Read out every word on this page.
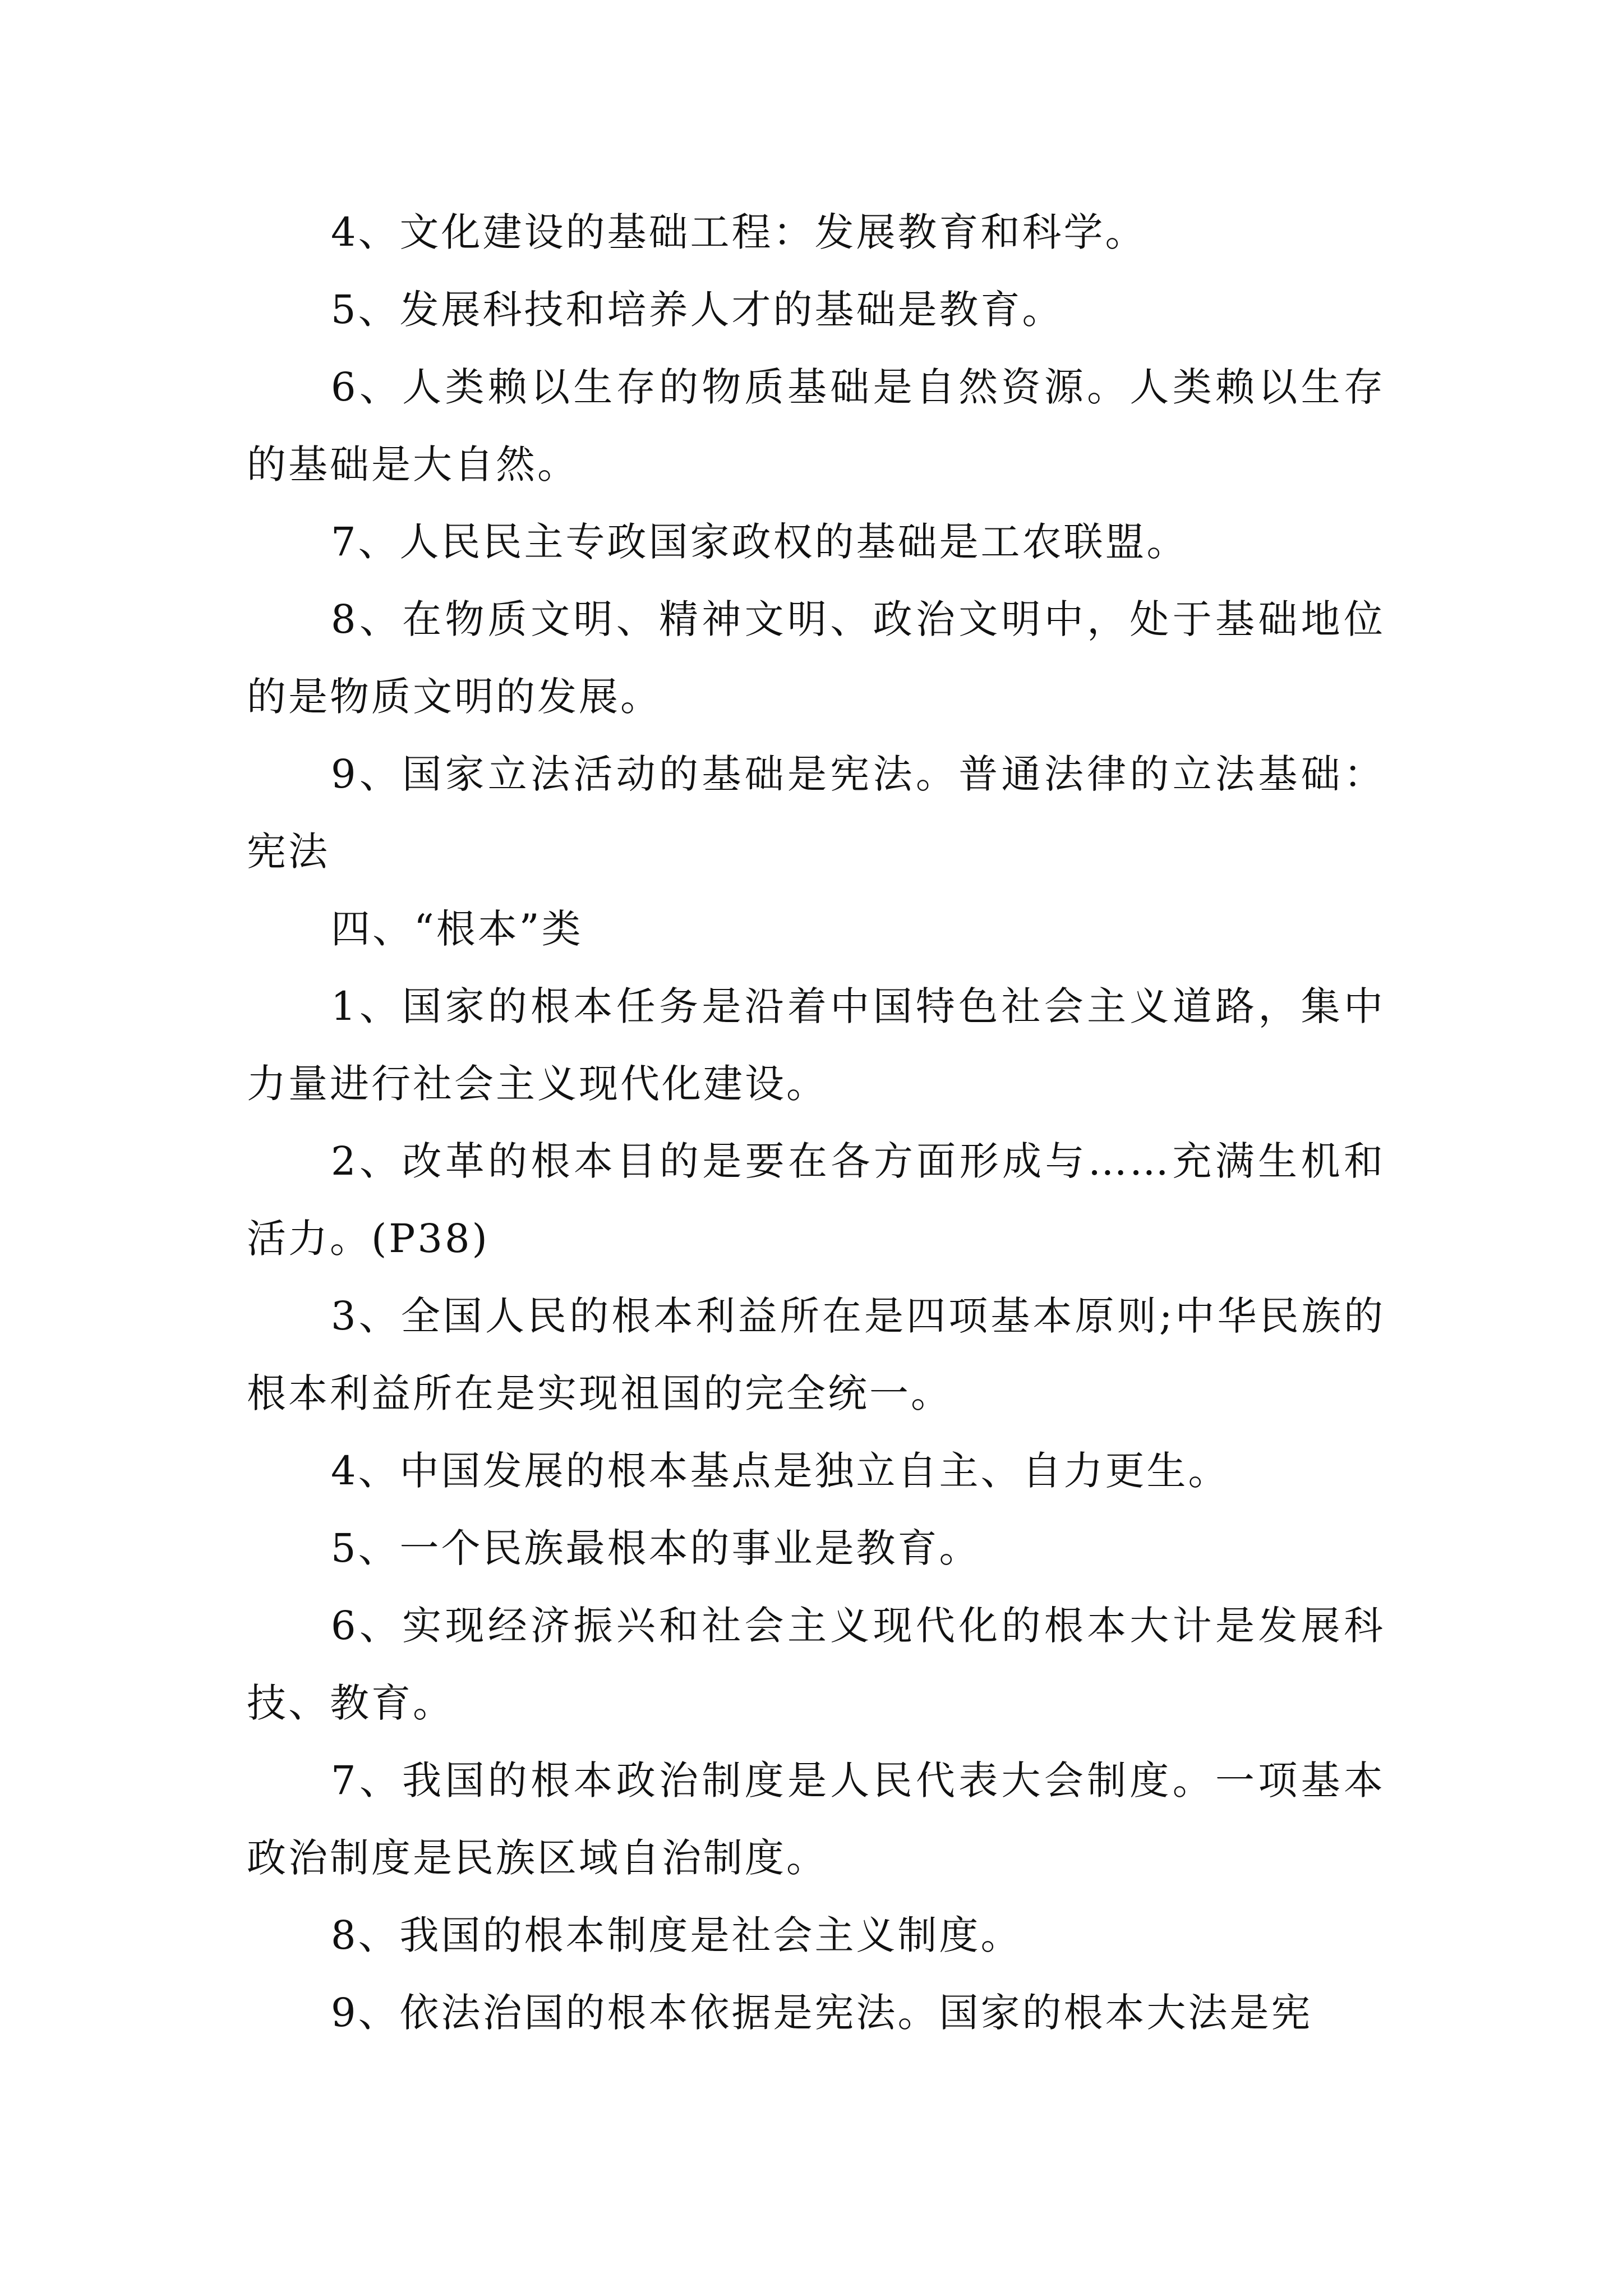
4、文化建设的基础工程：发展教育和科学。

5、发展科技和培养人才的基础是教育。

6、人类赖以生存的物质基础是自然资源。人类赖以生存的基础是大自然。

7、人民民主专政国家政权的基础是工农联盟。

8、在物质文明、精神文明、政治文明中，处于基础地位的是物质文明的发展。

9、国家立法活动的基础是宪法。普通法律的立法基础：宪法

四、“根本”类

1、国家的根本任务是沿着中国特色社会主义道路，集中力量进行社会主义现代化建设。

2、改革的根本目的是要在各方面形成与……充满生机和活力。(P38)

3、全国人民的根本利益所在是四项基本原则;中华民族的根本利益所在是实现祖国的完全统一。

4、中国发展的根本基点是独立自主、自力更生。

5、一个民族最根本的事业是教育。

6、实现经济振兴和社会主义现代化的根本大计是发展科技、教育。

7、我国的根本政治制度是人民代表大会制度。一项基本政治制度是民族区域自治制度。

8、我国的根本制度是社会主义制度。

9、依法治国的根本依据是宪法。国家的根本大法是宪
